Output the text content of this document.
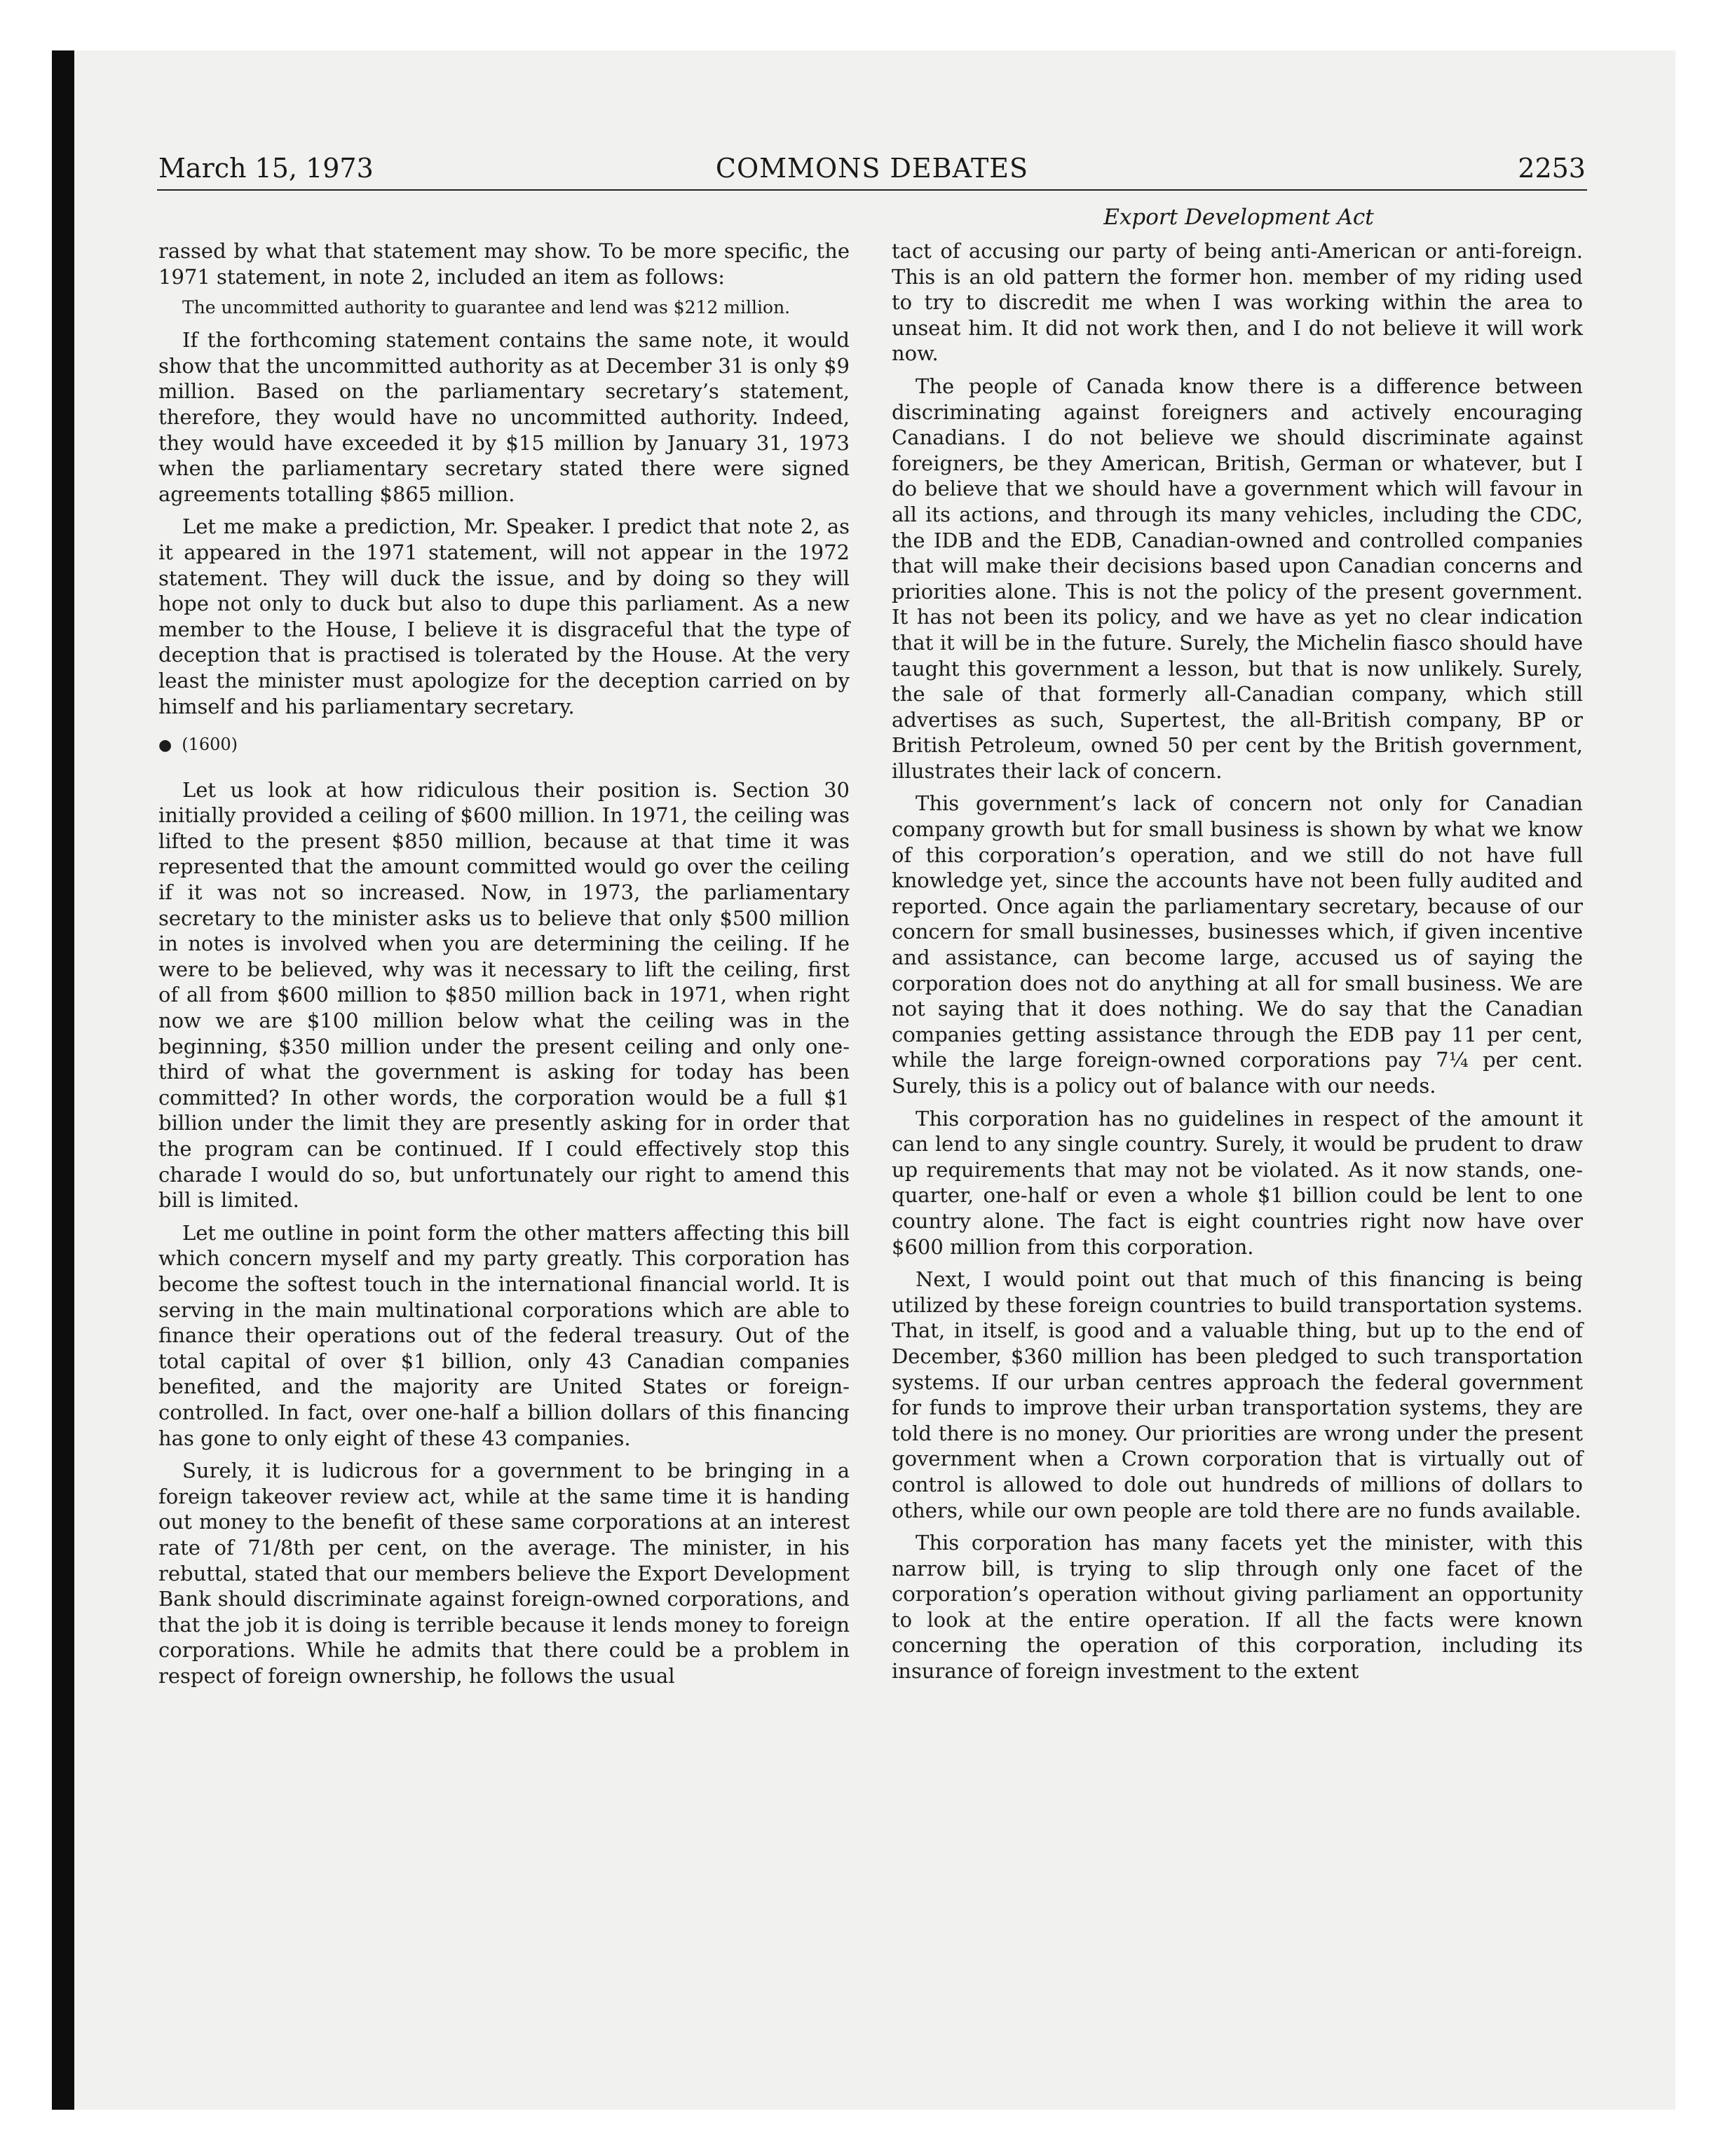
March 15, 1973	COMMONS DEBATES	2253
Export Development Act

rassed by what that statement may show. To be more specific, the 1971 statement, in note 2, included an item as follows:

The uncommitted authority to guarantee and lend was $212 million.

If the forthcoming statement contains the same note, it would show that the uncommitted authority as at December 31 is only $9 million. Based on the parliamentary secretary’s statement, therefore, they would have no uncommitted authority. Indeed, they would have exceeded it by $15 million by January 31, 1973 when the parliamentary secretary stated there were signed agreements totalling $865 million.

Let me make a prediction, Mr. Speaker. I predict that note 2, as it appeared in the 1971 statement, will not appear in the 1972 statement. They will duck the issue, and by doing so they will hope not only to duck but also to dupe this parliament. As a new member to the House, I believe it is disgraceful that the type of deception that is practised is tolerated by the House. At the very least the minister must apologize for the deception carried on by himself and his parliamentary secretary.

● (1600)

Let us look at how ridiculous their position is. Section 30 initially provided a ceiling of $600 million. In 1971, the ceiling was lifted to the present $850 million, because at that time it was represented that the amount committed would go over the ceiling if it was not so increased. Now, in 1973, the parliamentary secretary to the minister asks us to believe that only $500 million in notes is involved when you are determining the ceiling. If he were to be believed, why was it necessary to lift the ceiling, first of all from $600 million to $850 million back in 1971, when right now we are $100 million below what the ceiling was in the beginning, $350 million under the present ceiling and only one-third of what the government is asking for today has been committed? In other words, the corporation would be a full $1 billion under the limit they are presently asking for in order that the program can be continued. If I could effectively stop this charade I would do so, but unfortunately our right to amend this bill is limited.

Let me outline in point form the other matters affecting this bill which concern myself and my party greatly. This corporation has become the softest touch in the international financial world. It is serving in the main multinational corporations which are able to finance their operations out of the federal treasury. Out of the total capital of over $1 billion, only 43 Canadian companies benefited, and the majority are United States or foreign-controlled. In fact, over one-half a billion dollars of this financing has gone to only eight of these 43 companies.

Surely, it is ludicrous for a government to be bringing in a foreign takeover review act, while at the same time it is handing out money to the benefit of these same corporations at an interest rate of 71/8th per cent, on the average. The minister, in his rebuttal, stated that our members believe the Export Development Bank should discriminate against foreign-owned corporations, and that the job it is doing is terrible because it lends money to foreign corporations. While he admits that there could be a problem in respect of foreign ownership, he follows the usual

tact of accusing our party of being anti-American or anti-foreign. This is an old pattern the former hon. member of my riding used to try to discredit me when I was working within the area to unseat him. It did not work then, and I do not believe it will work now.

The people of Canada know there is a difference between discriminating against foreigners and actively encouraging Canadians. I do not believe we should discriminate against foreigners, be they American, British, German or whatever, but I do believe that we should have a government which will favour in all its actions, and through its many vehicles, including the CDC, the IDB and the EDB, Canadian-owned and controlled companies that will make their decisions based upon Canadian concerns and priorities alone. This is not the policy of the present government. It has not been its policy, and we have as yet no clear indication that it will be in the future. Surely, the Michelin fiasco should have taught this government a lesson, but that is now unlikely. Surely, the sale of that formerly all-Canadian company, which still advertises as such, Supertest, the all-British company, BP or British Petroleum, owned 50 per cent by the British government, illustrates their lack of concern.

This government’s lack of concern not only for Canadian company growth but for small business is shown by what we know of this corporation’s operation, and we still do not have full knowledge yet, since the accounts have not been fully audited and reported. Once again the parliamentary secretary, because of our concern for small businesses, businesses which, if given incentive and assistance, can become large, accused us of saying the corporation does not do anything at all for small business. We are not saying that it does nothing. We do say that the Canadian companies getting assistance through the EDB pay 11 per cent, while the large foreign-owned corporations pay 7¼ per cent. Surely, this is a policy out of balance with our needs.

This corporation has no guidelines in respect of the amount it can lend to any single country. Surely, it would be prudent to draw up requirements that may not be violated. As it now stands, one-quarter, one-half or even a whole $1 billion could be lent to one country alone. The fact is eight countries right now have over $600 million from this corporation.

Next, I would point out that much of this financing is being utilized by these foreign countries to build transportation systems. That, in itself, is good and a valuable thing, but up to the end of December, $360 million has been pledged to such transportation systems. If our urban centres approach the federal government for funds to improve their urban transportation systems, they are told there is no money. Our priorities are wrong under the present government when a Crown corporation that is virtually out of control is allowed to dole out hundreds of millions of dollars to others, while our own people are told there are no funds available.

This corporation has many facets yet the minister, with this narrow bill, is trying to slip through only one facet of the corporation’s operation without giving parliament an opportunity to look at the entire operation. If all the facts were known concerning the operation of this corporation, including its insurance of foreign investment to the extent
